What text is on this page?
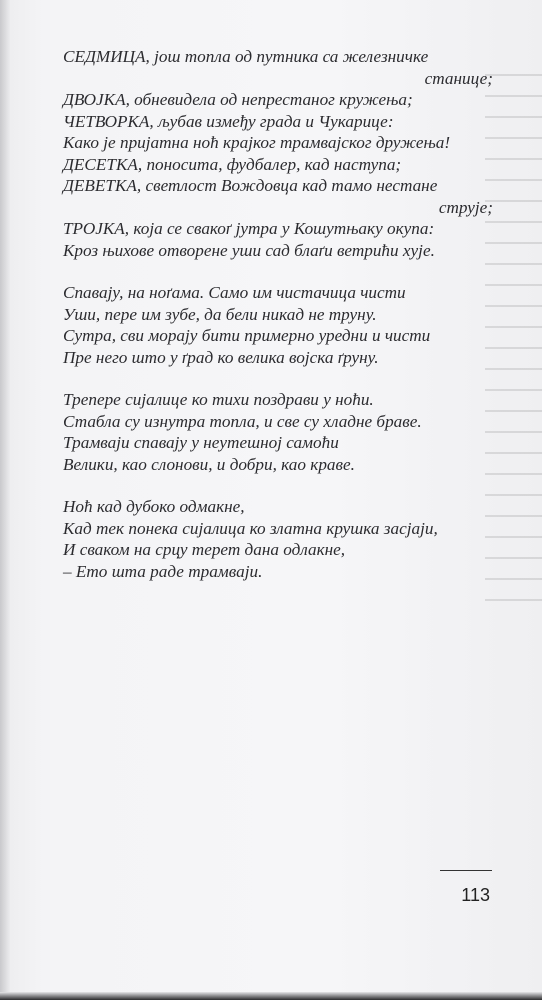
СЕДМИЦА, још топла од путника са железничке
станице;
ДВОЈКА, обневидела од непрестаног кружења;
ЧЕТВОРКА, љубав између града и Чукарице:
Како је пријатна ноћ крајког трамвајског дружења!
ДЕСЕТКА, поносита, фудбалер, кад наступа;
ДЕВЕТКА, светлост Вождовца кад тамо нестане
струје;
ТРОЈКА, која се свакоґ јутра у Кошутњаку окупа:
Кроз њихове отворене уши сад блаґи ветрићи хује.
Спавају, на ноґама. Само им чистачица чисти
Уши, пере им зубе, да бели никад не труну.
Сутра, сви морају бити примерно уредни и чисти
Пре него што у ґрад ко велика војска ґруну.
Треперe сијалице ко тихи поздрави у ноћи.
Стабла су изнутра топла, и све су хладне браве.
Трамваји спавају у неутешној самоћи
Велики, као слонови, и добри, као краве.
Ноћ кад дубоко одмакне,
Кад тек понека сијалица ко златна крушка засјаји,
И сваком на срцу терет дана одлакне,
– Ето шта раде трамваји.
113
